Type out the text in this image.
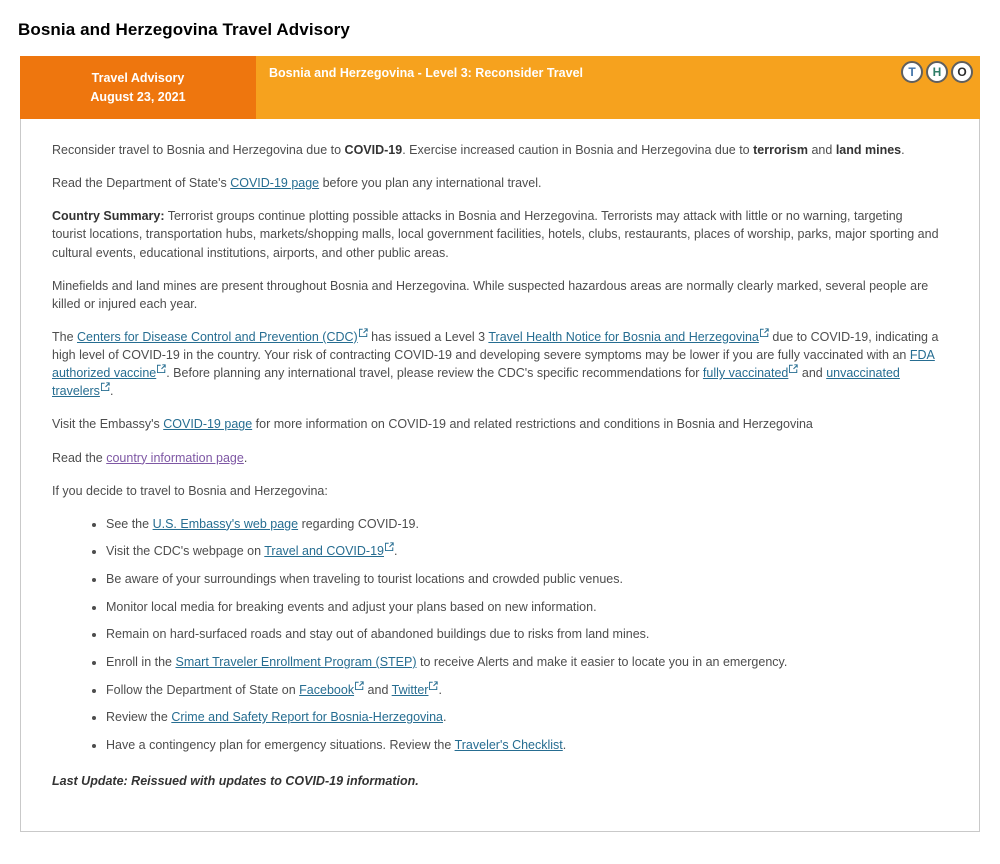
Bosnia and Herzegovina Travel Advisory
Travel Advisory
August 23, 2021
Bosnia and Herzegovina - Level 3: Reconsider Travel	T	H	O

Reconsider travel to Bosnia and Herzegovina due to COVID-19. Exercise increased caution in Bosnia and Herzegovina due to terrorism and land mines.

Read the Department of State's COVID-19 page before you plan any international travel.

Country Summary: Terrorist groups continue plotting possible attacks in Bosnia and Herzegovina. Terrorists may attack with little or no warning, targeting tourist locations, transportation hubs, markets/shopping malls, local government facilities, hotels, clubs, restaurants, places of worship, parks, major sporting and cultural events, educational institutions, airports, and other public areas.

Minefields and land mines are present throughout Bosnia and Herzegovina. While suspected hazardous areas are normally clearly marked, several people are killed or injured each year.

The Centers for Disease Control and Prevention (CDC)
has issued a Level 3 Travel Health Notice for Bosnia and Herzegovina
due to COVID-19, indicating a high level of COVID-19 in the country. Your risk of contracting COVID-19 and developing severe symptoms may be lower if you are fully vaccinated with an FDA authorized vaccine . Before planning any international travel, please review the CDC's specific recommendations for fully vaccinated
and unvaccinated travelers .

Visit the Embassy's COVID-19 page for more information on COVID-19 and related restrictions and conditions in Bosnia and Herzegovina

Read the country information page.

If you decide to travel to Bosnia and Herzegovina:

• See the U.S. Embassy's web page regarding COVID-19.
• Visit the CDC's webpage on Travel and COVID-19 .
• Be aware of your surroundings when traveling to tourist locations and crowded public venues.
• Monitor local media for breaking events and adjust your plans based on new information.
• Remain on hard-surfaced roads and stay out of abandoned buildings due to risks from land mines.
• Enroll in the Smart Traveler Enrollment Program (STEP) to receive Alerts and make it easier to locate you in an emergency.
• Follow the Department of State on Facebook
and Twitter .
• Review the Crime and Safety Report for Bosnia-Herzegovina.
• Have a contingency plan for emergency situations. Review the Traveler's Checklist.

Last Update: Reissued with updates to COVID-19 information.
